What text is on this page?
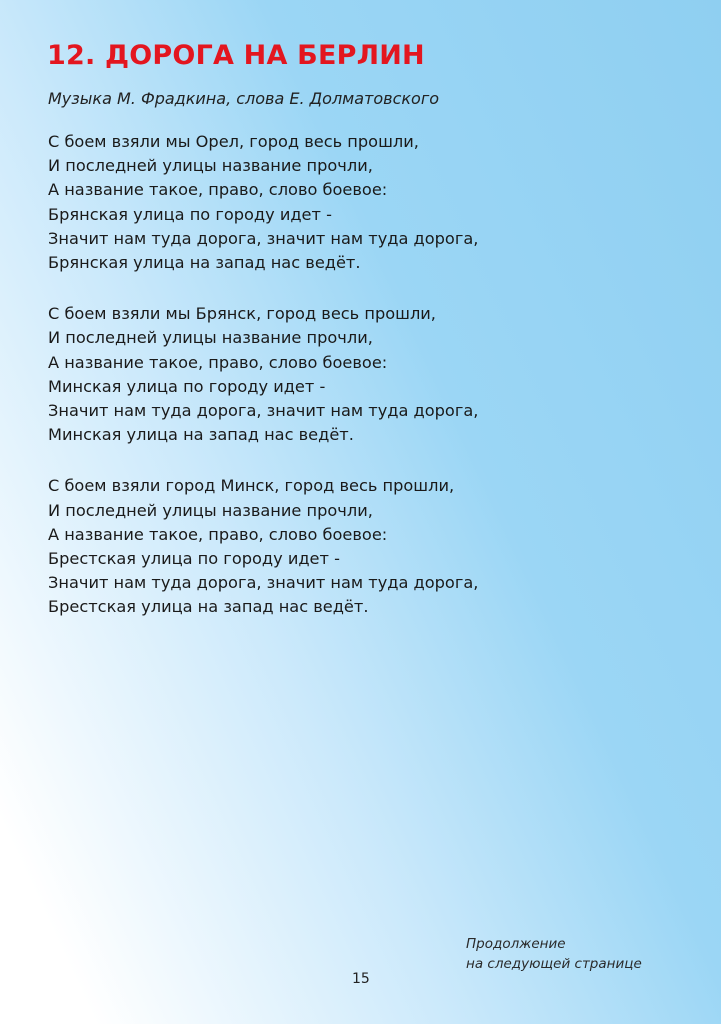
12. ДОРОГА НА БЕРЛИН

Музыка М. Фрадкина, слова Е. Долматовского

С боем взяли мы Орел, город весь прошли,
И последней улицы название прочли,
А название такое, право, слово боевое:
Брянская улица по городу идет -
Значит нам туда дорога, значит нам туда дорога,
Брянская улица на запад нас ведёт.
С боем взяли мы Брянск, город весь прошли,
И последней улицы название прочли,
А название такое, право, слово боевое:
Минская улица по городу идет -
Значит нам туда дорога, значит нам туда дорога,
Минская улица на запад нас ведёт.
С боем взяли город Минск, город весь прошли,
И последней улицы название прочли,
А название такое, право, слово боевое:
Брестская улица по городу идет -
Значит нам туда дорога, значит нам туда дорога,
Брестская улица на запад нас ведёт.
Продолжение
на следующей странице
15
